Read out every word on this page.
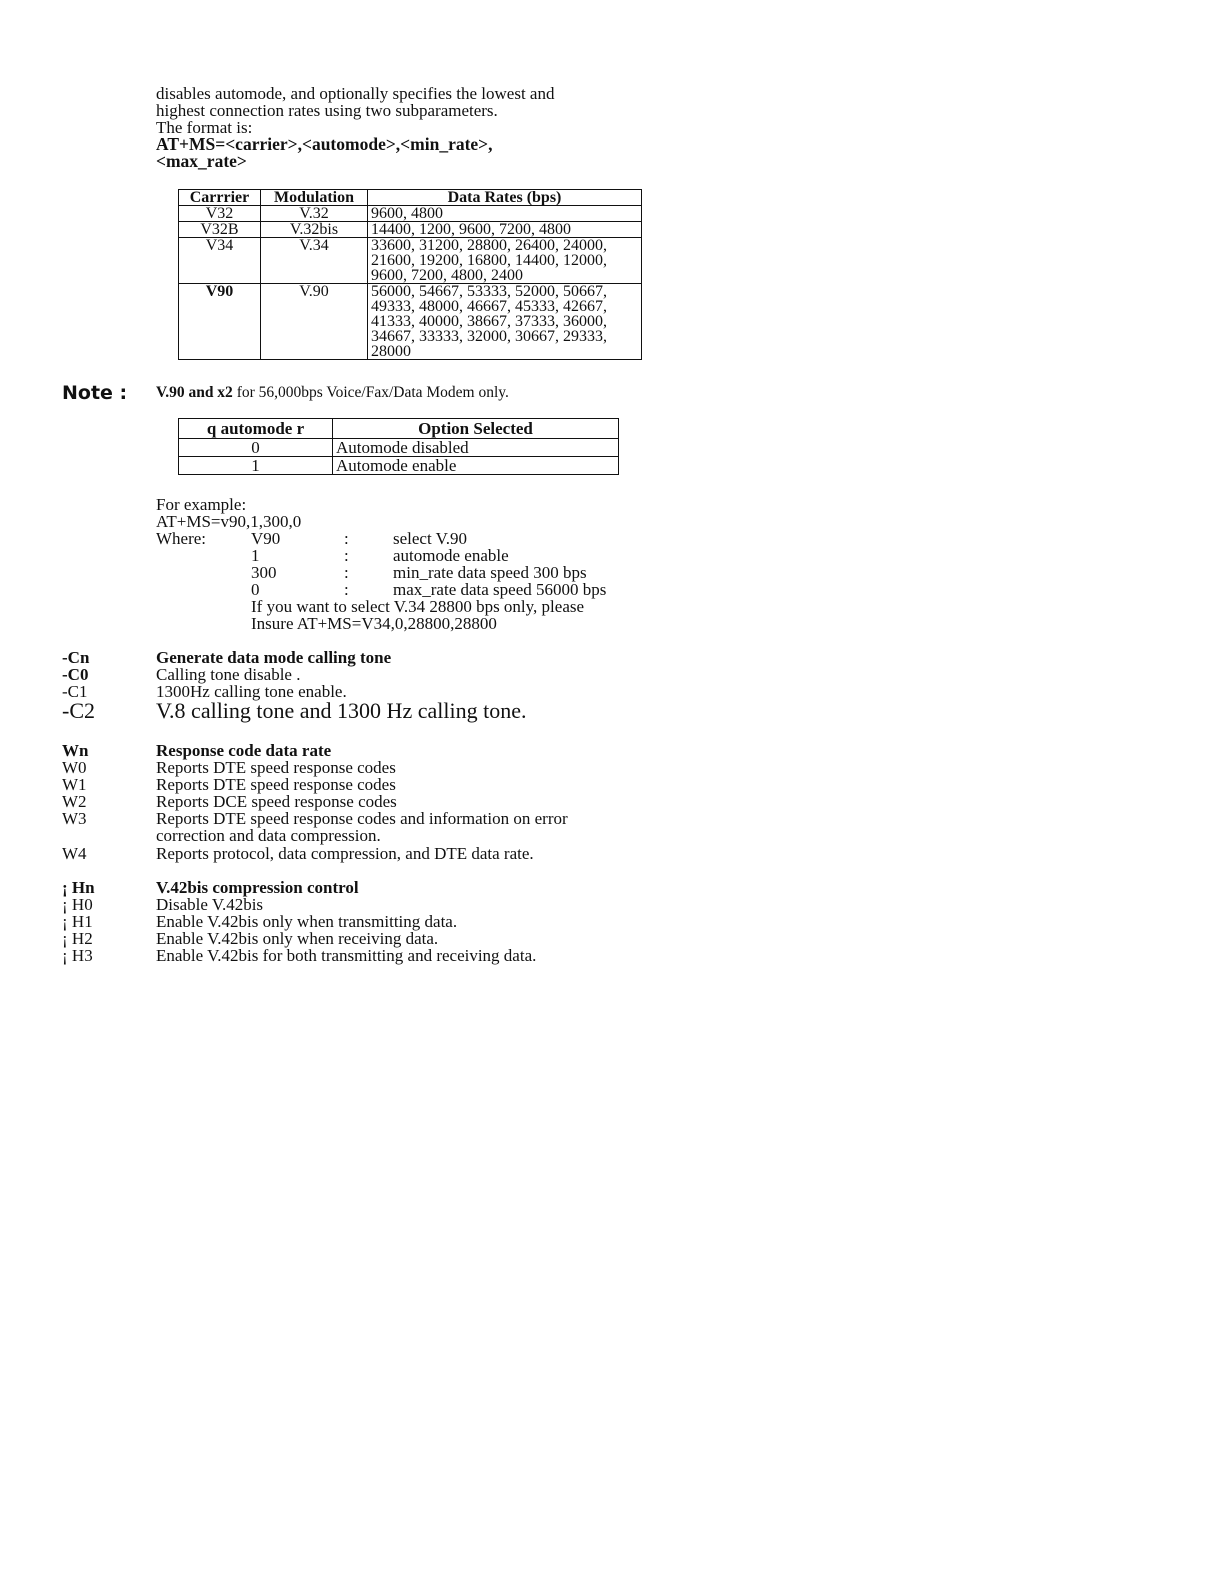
disables automode, and optionally specifies the lowest and
highest connection rates using two subparameters.
The format is:
AT+MS=<carrier>,<automode>,<min_rate>,
<max_rate>
Carrrier	Modulation	Data Rates (bps)
V32	V.32	9600, 4800

V32B	V.32bis	14400, 1200, 9600, 7200, 4800

V34	V.34	33600, 31200, 28800, 26400, 24000,
21600, 19200, 16800, 14400, 12000,
9600, 7200, 4800, 2400

V90	V.90	56000, 54667, 53333, 52000, 50667,
49333, 48000, 46667, 45333, 42667,
41333, 40000, 38667, 37333, 36000,
34667, 33333, 32000, 30667, 29333,
28000
Note : V.90 and x2 for 56,000bps Voice/Fax/Data Modem only.
q automode r	Option Selected
0	Automode disabled
1	Automode enable
For example:
AT+MS=v90,1,300,0
Where:	V90	:	select V.90
1	:	automode enable
300	:	min_rate data speed 300 bps
0	:	max_rate data speed 56000 bps
If you want to select V.34 28800 bps only, please
Insure AT+MS=V34,0,28800,28800
-Cn	Generate data mode calling tone
-C0	Calling tone disable .
-C1	1300Hz calling tone enable.
-C2	V.8 calling tone and 1300 Hz calling tone.
Wn	Response code data rate
W0	Reports DTE speed response codes
W1	Reports DTE speed response codes
W2	Reports DCE speed response codes
W3	Reports DTE speed response codes and information on error
correction and data compression.
W4	Reports protocol, data compression, and DTE data rate.
¡ Hn	V.42bis compression control
¡ H0	Disable V.42bis
¡ H1	Enable V.42bis only when transmitting data.
¡ H2	Enable V.42bis only when receiving data.
¡ H3	Enable V.42bis for both transmitting and receiving data.
